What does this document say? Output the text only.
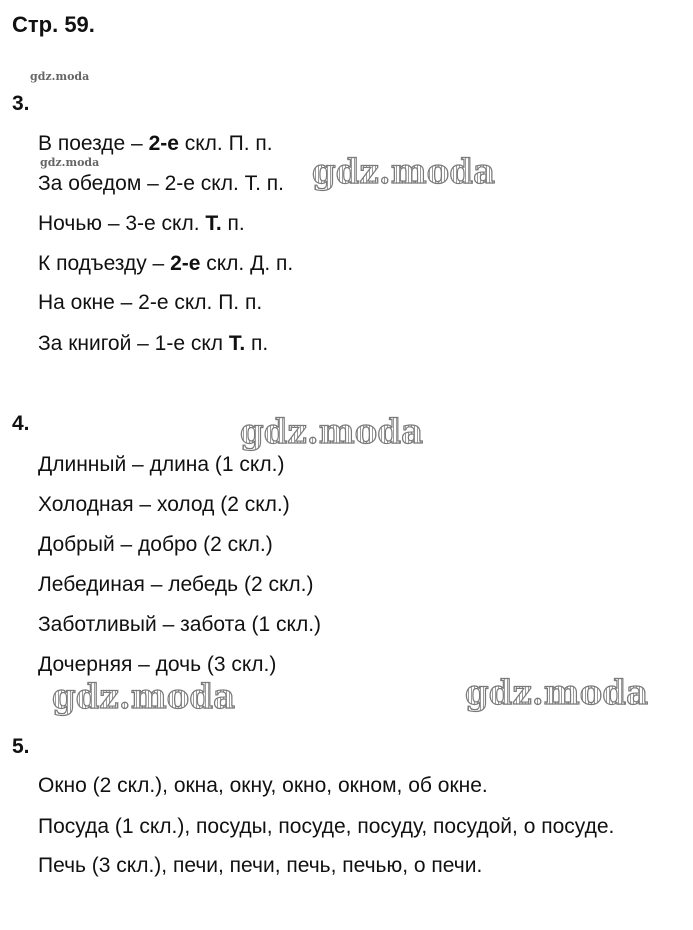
Стр. 59.
gdz.moda
gdz.moda	gdz.moda
gdz.moda
gdz.moda	gdz.moda
3.
В поезде – 2-е скл. П. п.
За обедом – 2-е скл. Т. п.
Ночью – 3-е скл. Т. п.
К подъезду – 2-е скл. Д. п.
На окне – 2-е скл. П. п.
За книгой – 1-е скл Т. п.
4.
Длинный – длина (1 скл.)
Холодная – холод (2 скл.)
Добрый – добро (2 скл.)
Лебединая – лебедь (2 скл.)
Заботливый – забота (1 скл.)
Дочерняя – дочь (3 скл.)
5.
Окно (2 скл.), окна, окну, окно, окном, об окне.
Посуда (1 скл.), посуды, посуде, посуду, посудой, о посуде.
Печь (3 скл.), печи, печи, печь, печью, о печи.
